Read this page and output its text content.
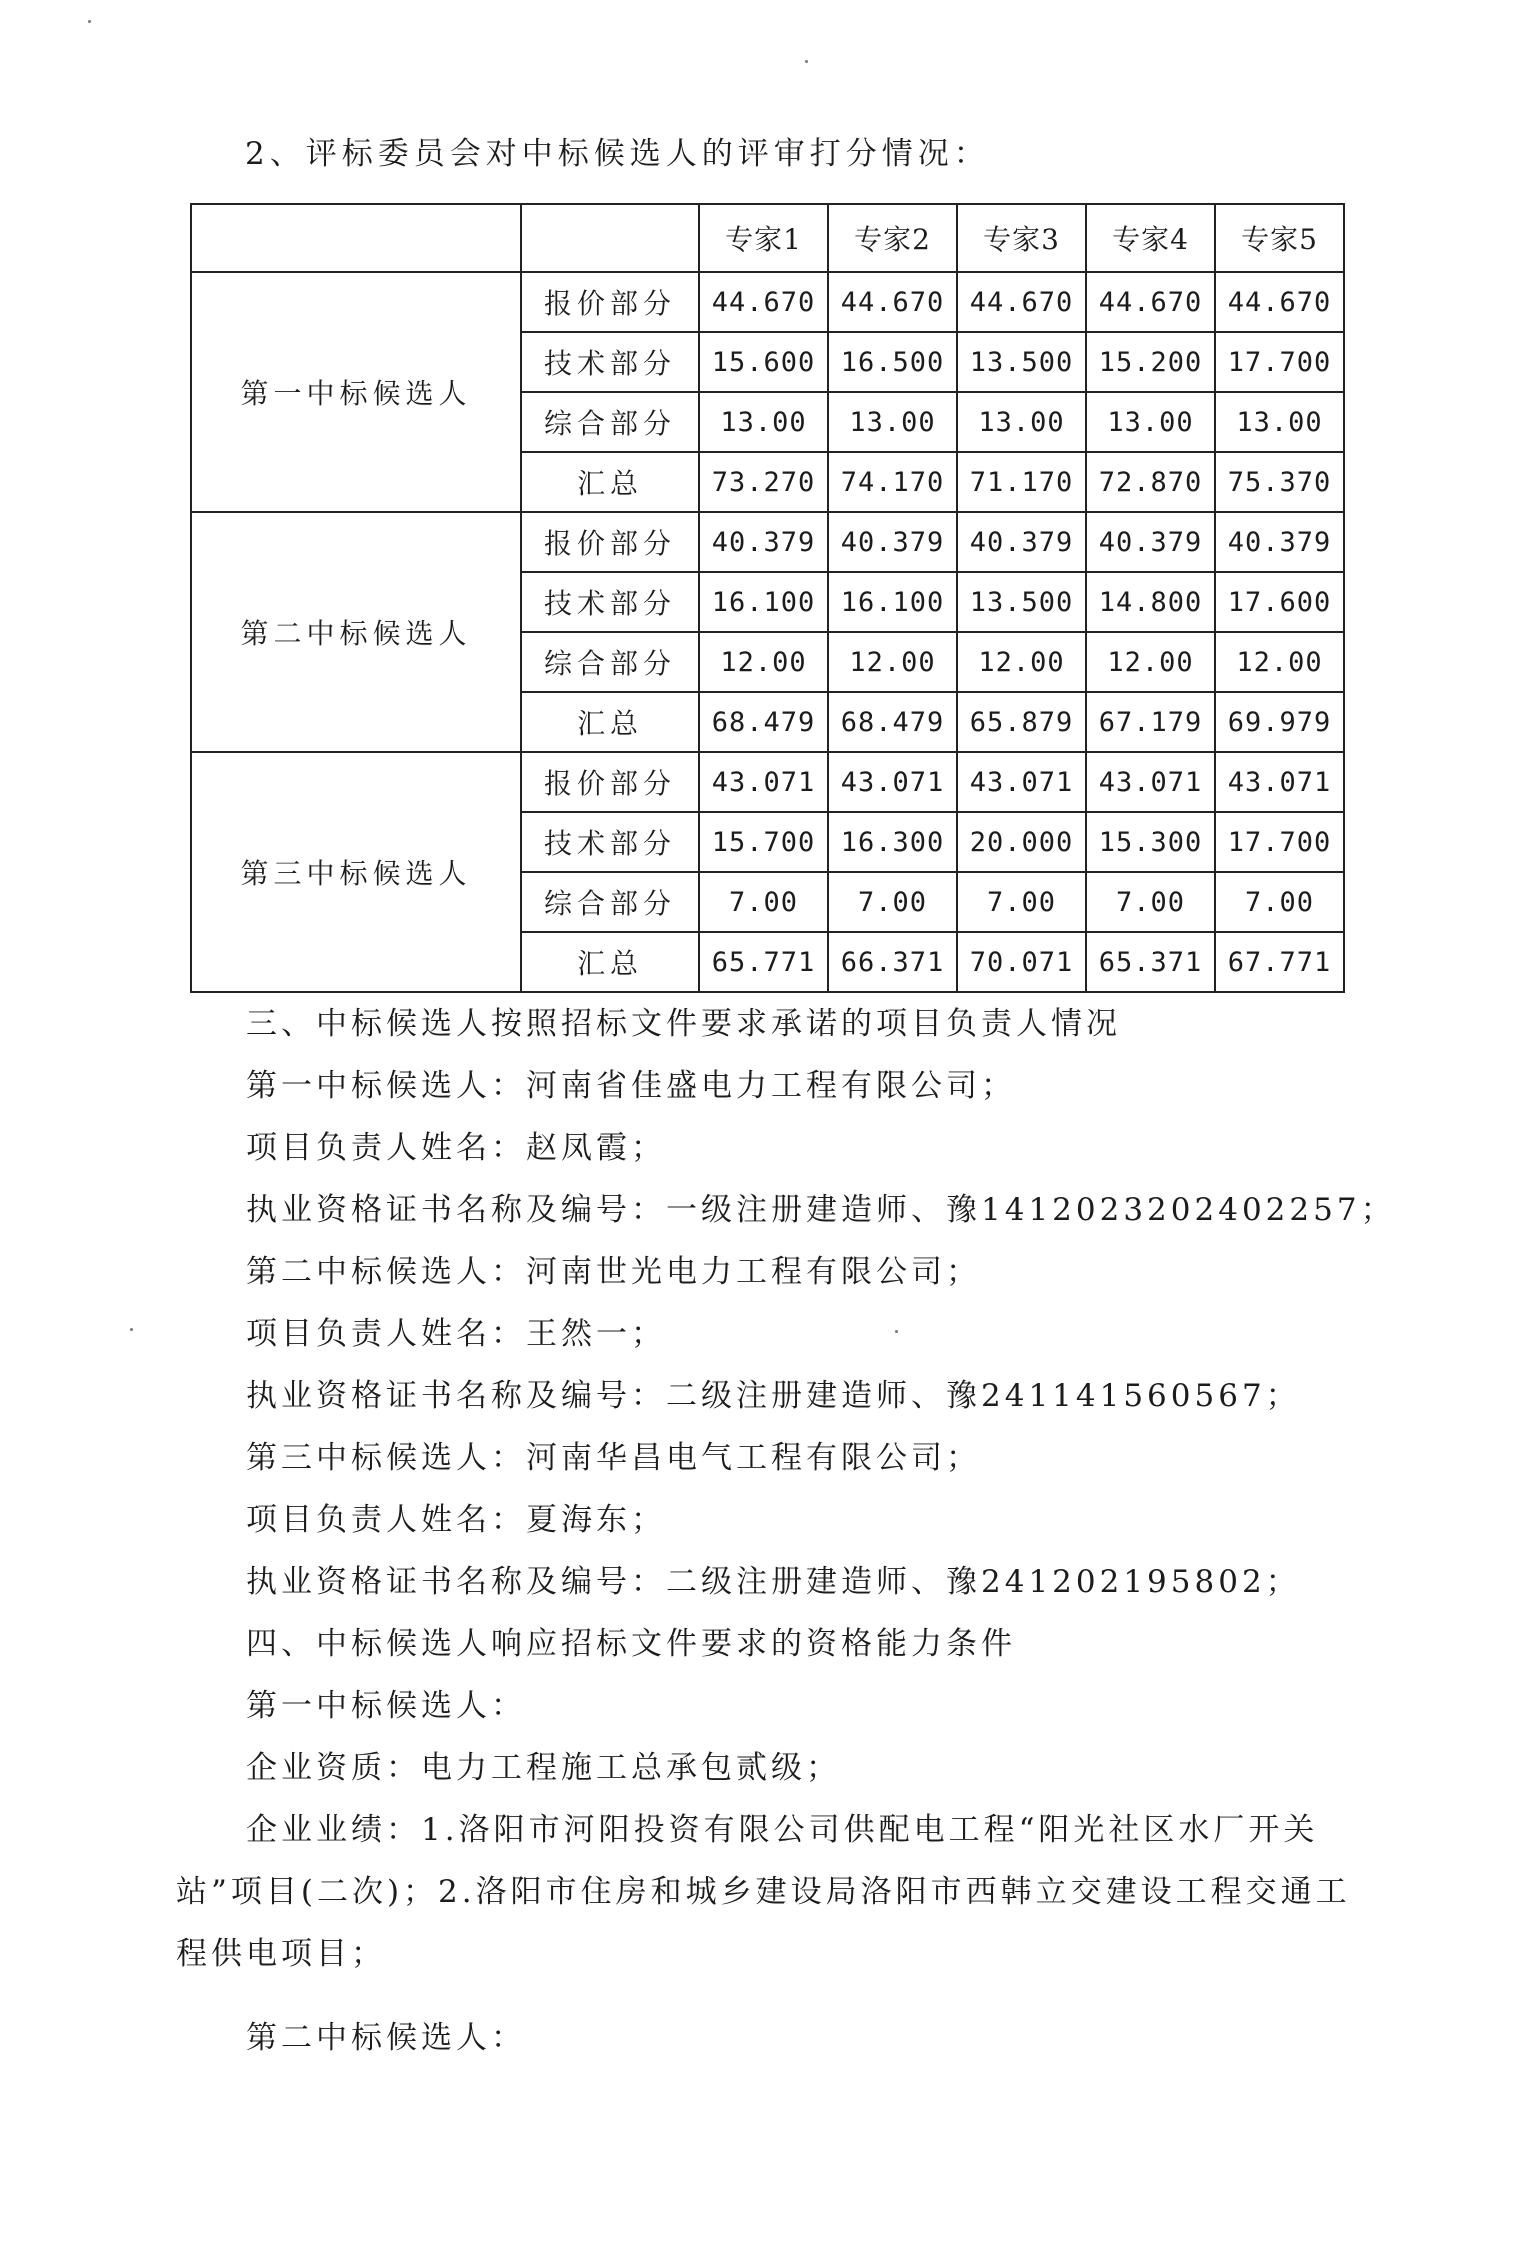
2、评标委员会对中标候选人的评审打分情况：
		专家1	专家2	专家3	专家4	专家5
第一中标候选人	报价部分	44.670	44.670	44.670	44.670	44.670
	技术部分	15.600	16.500	13.500	15.200	17.700
	综合部分	13.00	13.00	13.00	13.00	13.00
	汇总	73.270	74.170	71.170	72.870	75.370
第二中标候选人	报价部分	40.379	40.379	40.379	40.379	40.379
	技术部分	16.100	16.100	13.500	14.800	17.600
	综合部分	12.00	12.00	12.00	12.00	12.00
	汇总	68.479	68.479	65.879	67.179	69.979
第三中标候选人	报价部分	43.071	43.071	43.071	43.071	43.071
	技术部分	15.700	16.300	20.000	15.300	17.700
	综合部分	7.00	7.00	7.00	7.00	7.00
	汇总	65.771	66.371	70.071	65.371	67.771

三、中标候选人按照招标文件要求承诺的项目负责人情况

第一中标候选人：河南省佳盛电力工程有限公司；

项目负责人姓名：赵凤霞；

执业资格证书名称及编号：一级注册建造师、豫1412023202402257；

第二中标候选人：河南世光电力工程有限公司；

项目负责人姓名：王然一；

执业资格证书名称及编号：二级注册建造师、豫241141560567；

第三中标候选人：河南华昌电气工程有限公司；

项目负责人姓名：夏海东；

执业资格证书名称及编号：二级注册建造师、豫241202195802；

四、中标候选人响应招标文件要求的资格能力条件

第一中标候选人：

企业资质：电力工程施工总承包贰级；

企业业绩：1.洛阳市河阳投资有限公司供配电工程“阳光社区水厂开关站”项目(二次)；2.洛阳市住房和城乡建设局洛阳市西韩立交建设工程交通工程供电项目；

第二中标候选人：
